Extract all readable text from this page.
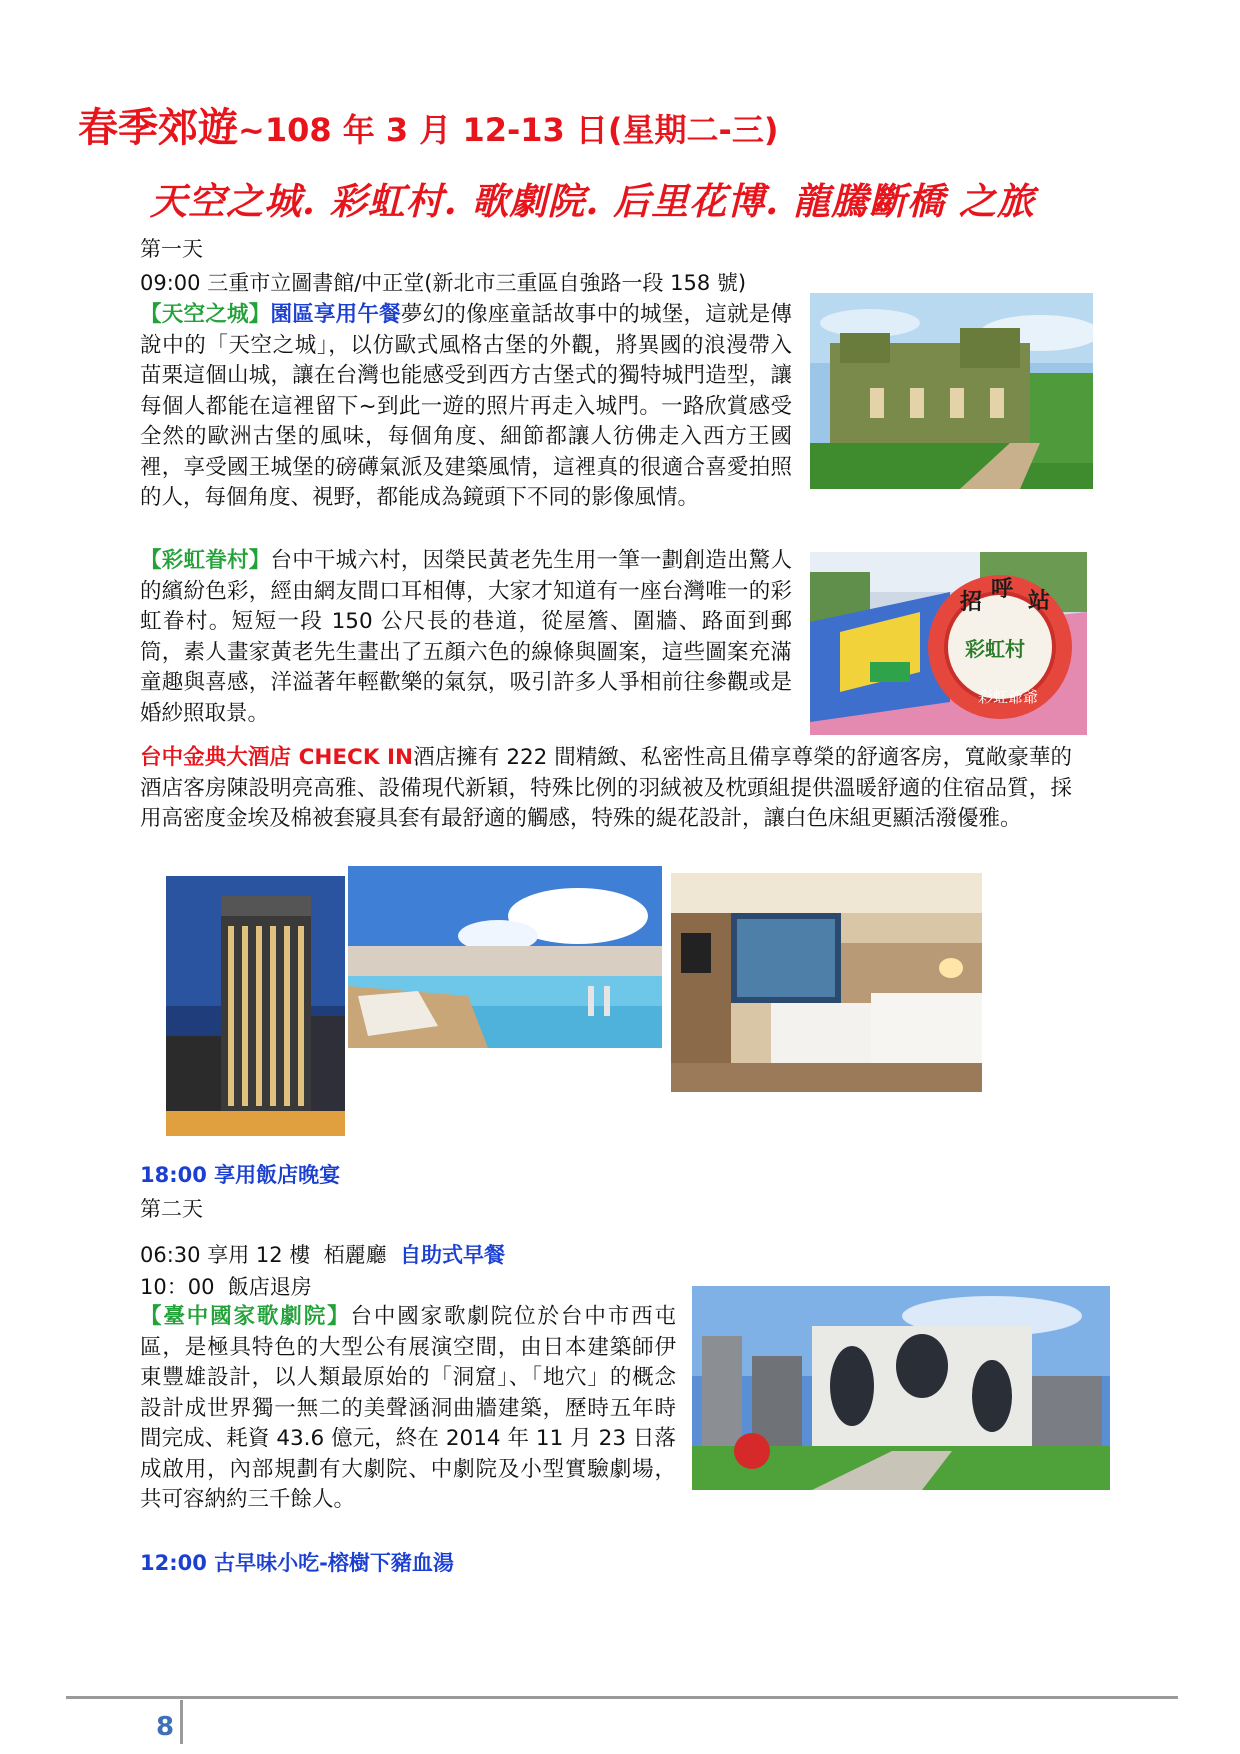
春季郊遊~108 年 3 月 12-13 日(星期二-三)
天空之城. 彩虹村. 歌劇院. 后里花博. 龍騰斷橋 之旅
第一天
09:00 三重市立圖書館/中正堂(新北市三重區自強路一段 158 號)
【天空之城】園區享用午餐夢幻的像座童話故事中的城堡，這就是傳說中的「天空之城」，以仿歐式風格古堡的外觀，將異國的浪漫帶入苗栗這個山城，讓在台灣也能感受到西方古堡式的獨特城門造型，讓每個人都能在這裡留下~到此一遊的照片再走入城門。一路欣賞感受全然的歐洲古堡的風味，每個角度、細節都讓人彷佛走入西方王國裡，享受國王城堡的磅礡氣派及建築風情，這裡真的很適合喜愛拍照的人，每個角度、視野，都能成為鏡頭下不同的影像風情。
【彩虹眷村】台中干城六村，因榮民黃老先生用一筆一劃創造出驚人的繽紛色彩，經由網友間口耳相傳，大家才知道有一座台灣唯一的彩虹眷村。短短一段 150 公尺長的巷道，從屋簷、圍牆、路面到郵筒，素人畫家黃老先生畫出了五顏六色的線條與圖案，這些圖案充滿童趣與喜感，洋溢著年輕歡樂的氣氛，吸引許多人爭相前往參觀或是婚紗照取景。
招 呼 站
彩虹村
彩虹爺爺
台中金典大酒店 CHECK IN酒店擁有 222 間精緻、私密性高且備享尊榮的舒適客房，寬敞豪華的酒店客房陳設明亮高雅、設備現代新穎，特殊比例的羽絨被及枕頭組提供溫暖舒適的住宿品質，採用高密度金埃及棉被套寢具套有最舒適的觸感，特殊的緹花設計，讓白色床組更顯活潑優雅。
18:00 享用飯店晚宴
第二天
06:30 享用 12 樓  栢麗廳  自助式早餐
10：00  飯店退房
【臺中國家歌劇院】台中國家歌劇院位於台中市西屯區，是極具特色的大型公有展演空間，由日本建築師伊東豐雄設計，以人類最原始的「洞窟」、「地穴」的概念設計成世界獨一無二的美聲涵洞曲牆建築，歷時五年時間完成、耗資 43.6 億元，終在 2014 年 11 月 23 日落成啟用，內部規劃有大劇院、中劇院及小型實驗劇場，共可容納約三千餘人。
12:00 古早味小吃-榕樹下豬血湯
8
